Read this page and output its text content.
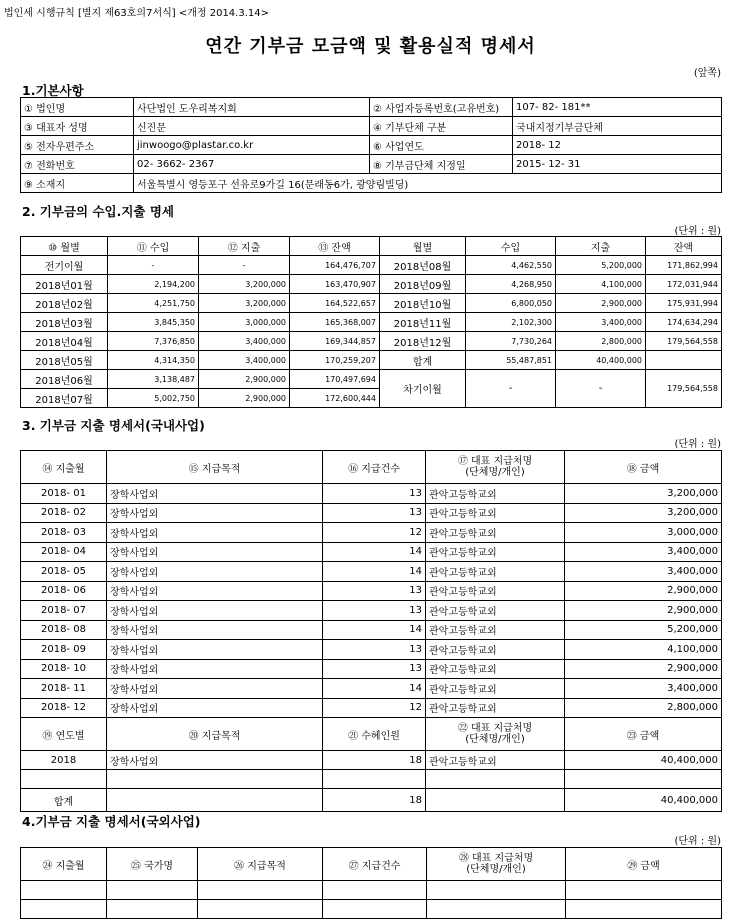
법인세 시행규칙 [별지 제63호의7서식] <개정 2014.3.14>
연간 기부금 모금액 및 활용실적 명세서
(앞쪽)
1.기본사항
① 법인명	사단법인 도우리복지회	② 사업자등록번호(고유번호)	107- 82- 181**
③ 대표자 성명	신진문	④ 기부단체 구분	국내지정기부금단체
⑤ 전자우편주소	jinwoogo@plastar.co.kr	⑥ 사업연도	2018- 12
⑦ 전화번호	02- 3662- 2367	⑧ 기부금단체 지정일	2015- 12- 31
⑨ 소재지	서울특별시 영등포구 선유로9가길 16(문래동6가, 광양림빌딩)		
2. 기부금의 수입.지출 명세
(단위 : 원)
⑩ 월별	⑪ 수입	⑫ 지출	⑬ 잔액	월별	수입	지출	잔액
전기이월	-	-	164,476,707	2018년08월	4,462,550	5,200,000	171,862,994
2018년01월	2,194,200	3,200,000	163,470,907	2018년09월	4,268,950	4,100,000	172,031,944
2018년02월	4,251,750	3,200,000	164,522,657	2018년10월	6,800,050	2,900,000	175,931,994
2018년03월	3,845,350	3,000,000	165,368,007	2018년11월	2,102,300	3,400,000	174,634,294
2018년04월	7,376,850	3,400,000	169,344,857	2018년12월	7,730,264	2,800,000	179,564,558
2018년05월	4,314,350	3,400,000	170,259,207	합계	55,487,851	40,400,000	
2018년06월	3,138,487	2,900,000	170,497,694	차기이월	-	-	179,564,558
2018년07월	5,002,750	2,900,000	172,600,444				
3. 기부금 지출 명세서(국내사업)
(단위 : 원)
⑭ 지출월	⑮ 지급목적	⑯ 지급건수	⑰ 대표 지급처명
(단체명/개인)	⑱ 금액
2018- 01	장학사업외	13	관악고등학교외	3,200,000
2018- 02	장학사업외	13	관악고등학교외	3,200,000
2018- 03	장학사업외	12	관악고등학교외	3,000,000
2018- 04	장학사업외	14	관악고등학교외	3,400,000
2018- 05	장학사업외	14	관악고등학교외	3,400,000
2018- 06	장학사업외	13	관악고등학교외	2,900,000
2018- 07	장학사업외	13	관악고등학교외	2,900,000
2018- 08	장학사업외	14	관악고등학교외	5,200,000
2018- 09	장학사업외	13	관악고등학교외	4,100,000
2018- 10	장학사업외	13	관악고등학교외	2,900,000
2018- 11	장학사업외	14	관악고등학교외	3,400,000
2018- 12	장학사업외	12	관악고등학교외	2,800,000
⑲ 연도별	⑳ 지급목적	㉑ 수혜인원	㉒ 대표 지급처명
(단체명/개인)	㉓ 금액
2018	장학사업외	18	관악고등학교외	40,400,000

합계		18		40,400,000
4.기부금 지출 명세서(국외사업)
(단위 : 원)
㉔ 지출월	㉕ 국가명	㉖ 지급목적	㉗ 지급건수	㉘ 대표 지급처명
(단체명/개인)	㉙ 금액
